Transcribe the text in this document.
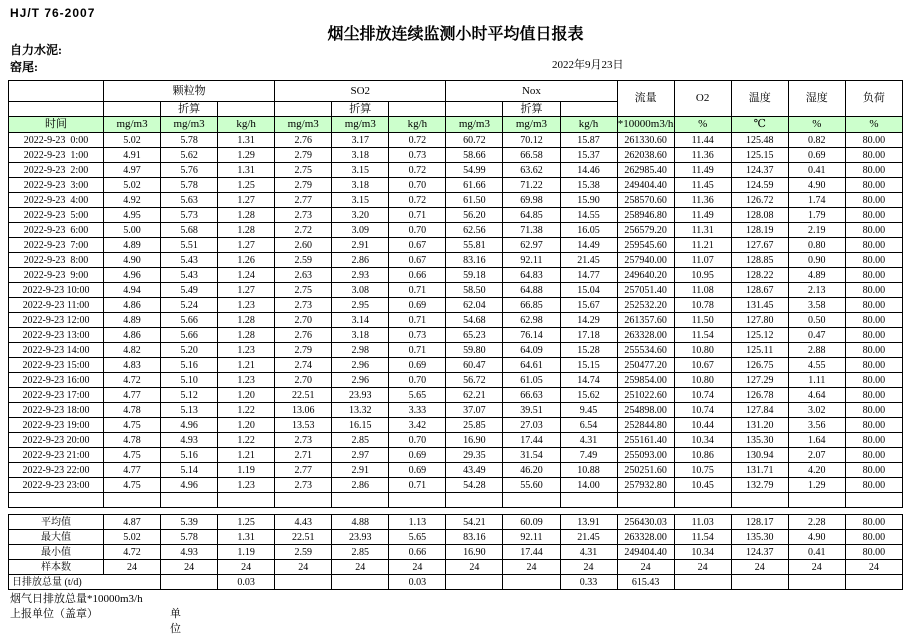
HJ/T 76-2007
烟尘排放连续监测小时平均值日报表
自力水泥:
窑尾:	2022年9月23日
	颗粒物			SO2			Nox			流量	O2	温度	湿度	负荷
		折算			折算			折算						
时间	mg/m3	mg/m3	kg/h	mg/m3	mg/m3	kg/h	mg/m3	mg/m3	kg/h	*10000m3/h	%	℃	%	%
2022-9-23  0:00	5.02	5.78	1.31	2.76	3.17	0.72	60.72	70.12	15.87	261330.60	11.44	125.48	0.82	80.00
2022-9-23  1:00	4.91	5.62	1.29	2.79	3.18	0.73	58.66	66.58	15.37	262038.60	11.36	125.15	0.69	80.00
2022-9-23  2:00	4.97	5.76	1.31	2.75	3.15	0.72	54.99	63.62	14.46	262985.40	11.49	124.37	0.41	80.00
2022-9-23  3:00	5.02	5.78	1.25	2.79	3.18	0.70	61.66	71.22	15.38	249404.40	11.45	124.59	4.90	80.00
2022-9-23  4:00	4.92	5.63	1.27	2.77	3.15	0.72	61.50	69.98	15.90	258570.60	11.36	126.72	1.74	80.00
2022-9-23  5:00	4.95	5.73	1.28	2.73	3.20	0.71	56.20	64.85	14.55	258946.80	11.49	128.08	1.79	80.00
2022-9-23  6:00	5.00	5.68	1.28	2.72	3.09	0.70	62.56	71.38	16.05	256579.20	11.31	128.19	2.19	80.00
2022-9-23  7:00	4.89	5.51	1.27	2.60	2.91	0.67	55.81	62.97	14.49	259545.60	11.21	127.67	0.80	80.00
2022-9-23  8:00	4.90	5.43	1.26	2.59	2.86	0.67	83.16	92.11	21.45	257940.00	11.07	128.85	0.90	80.00
2022-9-23  9:00	4.96	5.43	1.24	2.63	2.93	0.66	59.18	64.83	14.77	249640.20	10.95	128.22	4.89	80.00
2022-9-23 10:00	4.94	5.49	1.27	2.75	3.08	0.71	58.50	64.88	15.04	257051.40	11.08	128.67	2.13	80.00
2022-9-23 11:00	4.86	5.24	1.23	2.73	2.95	0.69	62.04	66.85	15.67	252532.20	10.78	131.45	3.58	80.00
2022-9-23 12:00	4.89	5.66	1.28	2.70	3.14	0.71	54.68	62.98	14.29	261357.60	11.50	127.80	0.50	80.00
2022-9-23 13:00	4.86	5.66	1.28	2.76	3.18	0.73	65.23	76.14	17.18	263328.00	11.54	125.12	0.47	80.00
2022-9-23 14:00	4.82	5.20	1.23	2.79	2.98	0.71	59.80	64.09	15.28	255534.60	10.80	125.11	2.88	80.00
2022-9-23 15:00	4.83	5.16	1.21	2.74	2.96	0.69	60.47	64.61	15.15	250477.20	10.67	126.75	4.55	80.00
2022-9-23 16:00	4.72	5.10	1.23	2.70	2.96	0.70	56.72	61.05	14.74	259854.00	10.80	127.29	1.11	80.00
2022-9-23 17:00	4.77	5.12	1.20	22.51	23.93	5.65	62.21	66.63	15.62	251022.60	10.74	126.78	4.64	80.00
2022-9-23 18:00	4.78	5.13	1.22	13.06	13.32	3.33	37.07	39.51	9.45	254898.00	10.74	127.84	3.02	80.00
2022-9-23 19:00	4.75	4.96	1.20	13.53	16.15	3.42	25.85	27.03	6.54	252844.80	10.44	131.20	3.56	80.00
2022-9-23 20:00	4.78	4.93	1.22	2.73	2.85	0.70	16.90	17.44	4.31	255161.40	10.34	135.30	1.64	80.00
2022-9-23 21:00	4.75	5.16	1.21	2.71	2.97	0.69	29.35	31.54	7.49	255093.00	10.86	130.94	2.07	80.00
2022-9-23 22:00	4.77	5.14	1.19	2.77	2.91	0.69	43.49	46.20	10.88	250251.60	10.75	131.71	4.20	80.00
2022-9-23 23:00	4.75	4.96	1.23	2.73	2.86	0.71	54.28	55.60	14.00	257932.80	10.45	132.79	1.29	80.00

平均值	4.87	5.39	1.25	4.43	4.88	1.13	54.21	60.09	13.91	256430.03	11.03	128.17	2.28	80.00
最大值	5.02	5.78	1.31	22.51	23.93	5.65	83.16	92.11	21.45	263328.00	11.54	135.30	4.90	80.00
最小值	4.72	4.93	1.19	2.59	2.85	0.66	16.90	17.44	4.31	249404.40	10.34	124.37	0.41	80.00
样本数	24	24	24	24	24	24	24	24	24	24	24	24	24	24
日排放总量 (t/d)			0.03			0.03			0.33	615.43				
烟气日排放总量*10000m3/h
上报单位（盖章）	单位
